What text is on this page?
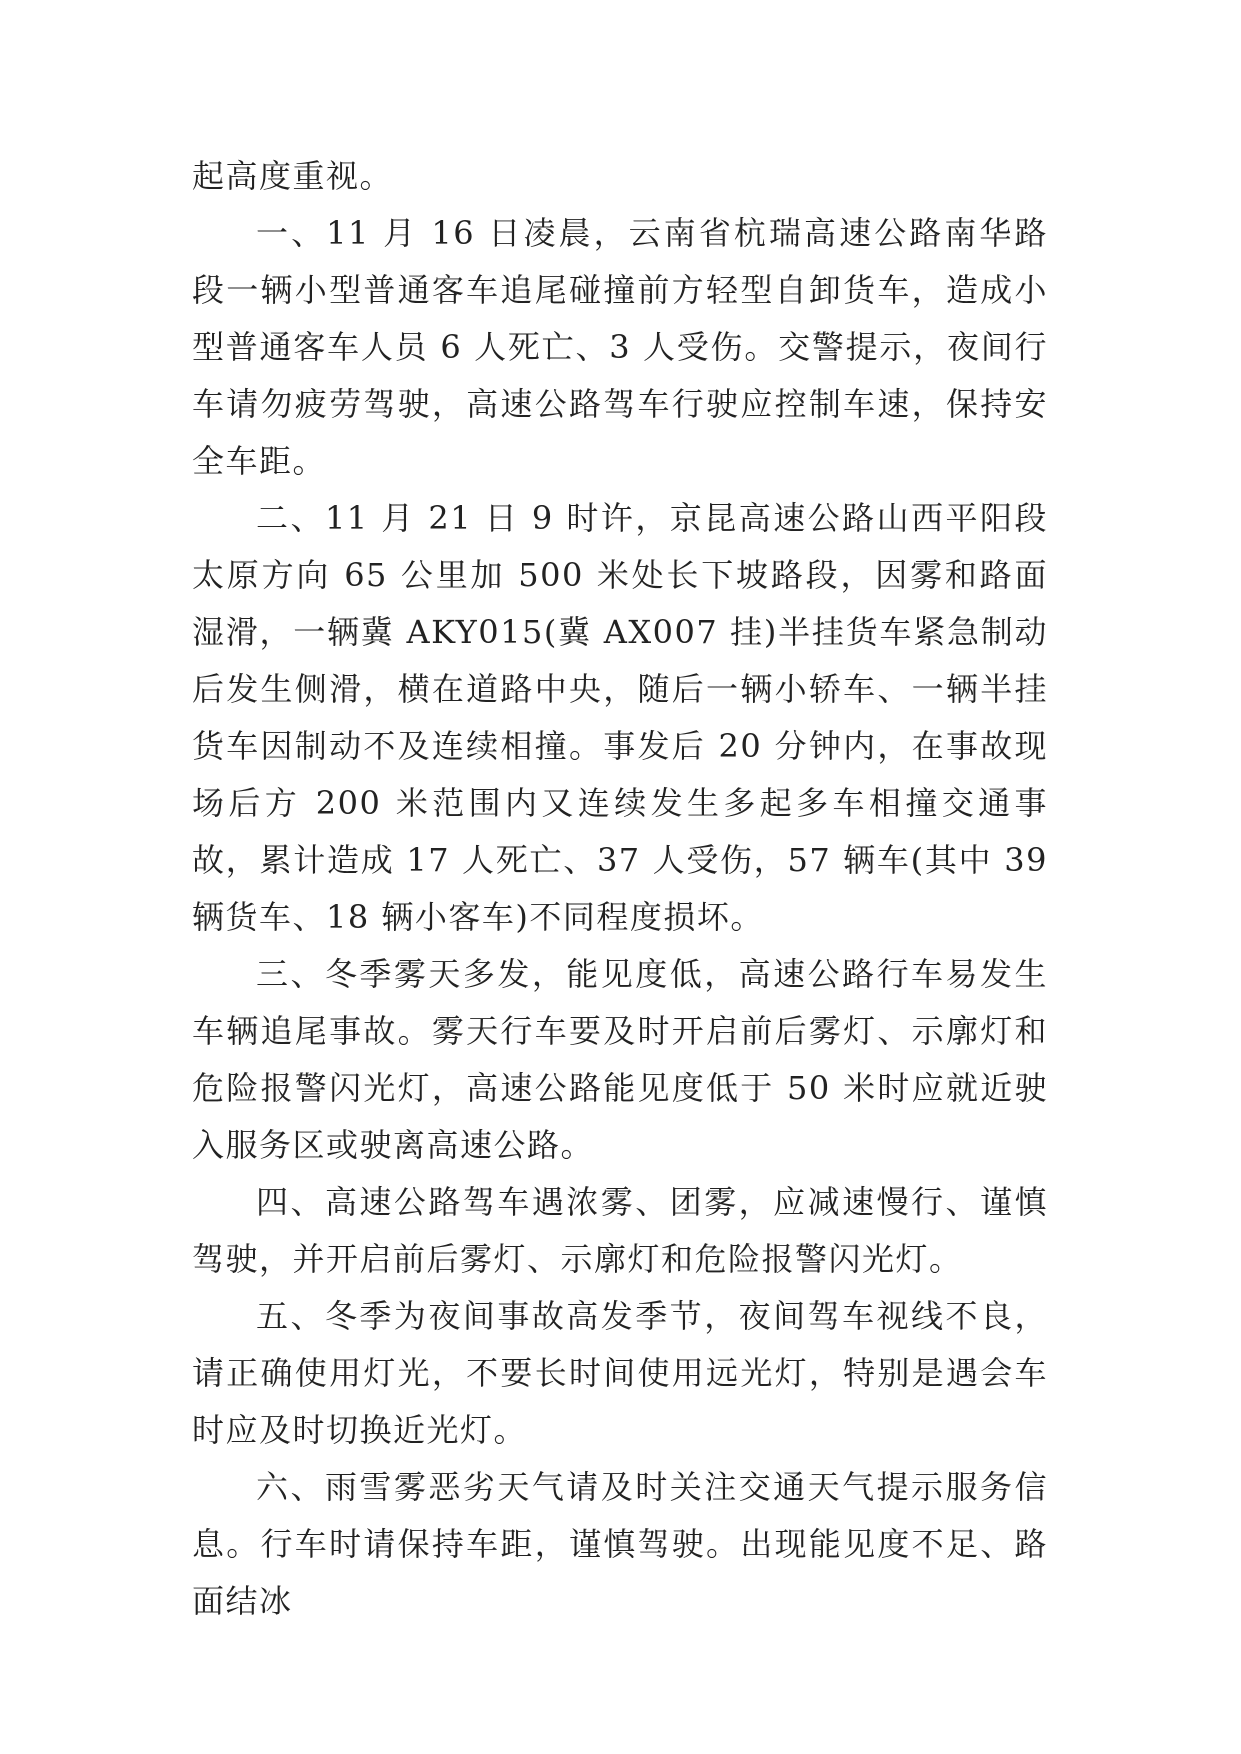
起高度重视。

一、11 月 16 日凌晨，云南省杭瑞高速公路南华路段一辆小型普通客车追尾碰撞前方轻型自卸货车，造成小型普通客车人员 6 人死亡、3 人受伤。交警提示，夜间行车请勿疲劳驾驶，高速公路驾车行驶应控制车速，保持安全车距。

二、11 月 21 日 9 时许，京昆高速公路山西平阳段太原方向 65 公里加 500 米处长下坡路段，因雾和路面湿滑，一辆冀 AKY015(冀 AX007 挂)半挂货车紧急制动后发生侧滑，横在道路中央，随后一辆小轿车、一辆半挂货车因制动不及连续相撞。事发后 20 分钟内，在事故现场后方 200 米范围内又连续发生多起多车相撞交通事故，累计造成 17 人死亡、37 人受伤，57 辆车(其中 39 辆货车、18 辆小客车)不同程度损坏。

三、冬季雾天多发，能见度低，高速公路行车易发生车辆追尾事故。雾天行车要及时开启前后雾灯、示廓灯和危险报警闪光灯，高速公路能见度低于 50 米时应就近驶入服务区或驶离高速公路。

四、高速公路驾车遇浓雾、团雾，应减速慢行、谨慎驾驶，并开启前后雾灯、示廓灯和危险报警闪光灯。

五、冬季为夜间事故高发季节，夜间驾车视线不良，请正确使用灯光，不要长时间使用远光灯，特别是遇会车时应及时切换近光灯。

六、雨雪雾恶劣天气请及时关注交通天气提示服务信息。行车时请保持车距，谨慎驾驶。出现能见度不足、路面结冰
